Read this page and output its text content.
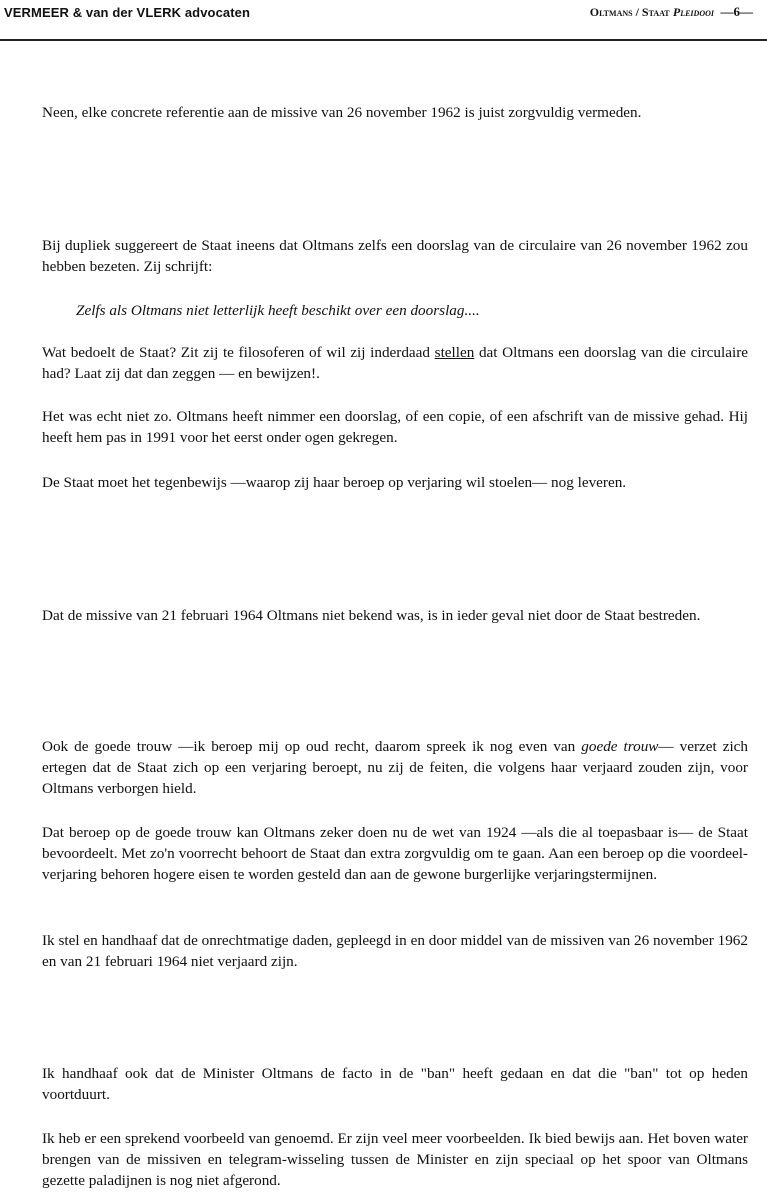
VERMEER & van der VLERK advocaten	Oltmans / Staat Pleidooi —6—

Neen, elke concrete referentie aan de missive van 26 november 1962 is juist zorgvuldig vermeden.

Bij dupliek suggereert de Staat ineens dat Oltmans zelfs een doorslag van de circulaire van 26 november 1962 zou hebben bezeten. Zij schrijft:

Zelfs als Oltmans niet letterlijk heeft beschikt over een doorslag....

Wat bedoelt de Staat? Zit zij te filosoferen of wil zij inderdaad stellen dat Oltmans een doorslag van die circulaire had? Laat zij dat dan zeggen — en bewijzen!.

Het was echt niet zo. Oltmans heeft nimmer een doorslag, of een copie, of een afschrift van de missive gehad. Hij heeft hem pas in 1991 voor het eerst onder ogen gekregen.

De Staat moet het tegenbewijs —waarop zij haar beroep op verjaring wil stoelen— nog leveren.

Dat de missive van 21 februari 1964 Oltmans niet bekend was, is in ieder geval niet door de Staat bestreden.

Ook de goede trouw —ik beroep mij op oud recht, daarom spreek ik nog even van goede trouw— verzet zich ertegen dat de Staat zich op een verjaring beroept, nu zij de feiten, die volgens haar verjaard zouden zijn, voor Oltmans verborgen hield.

Dat beroep op de goede trouw kan Oltmans zeker doen nu de wet van 1924 —als die al toepasbaar is— de Staat bevoordeelt. Met zo'n voorrecht behoort de Staat dan extra zorgvuldig om te gaan. Aan een beroep op die voordeel-verjaring behoren hogere eisen te worden gesteld dan aan de gewone burgerlijke verjaringstermijnen.

Ik stel en handhaaf dat de onrechtmatige daden, gepleegd in en door middel van de missiven van 26 november 1962 en van 21 februari 1964 niet verjaard zijn.

Ik handhaaf ook dat de Minister Oltmans de facto in de "ban" heeft gedaan en dat die "ban" tot op heden voortduurt.

Ik heb er een sprekend voorbeeld van genoemd. Er zijn veel meer voorbeelden. Ik bied bewijs aan. Het boven water brengen van de missiven en telegram-wisseling tussen de Minister en zijn speciaal op het spoor van Oltmans gezette paladijnen is nog niet afgerond.
